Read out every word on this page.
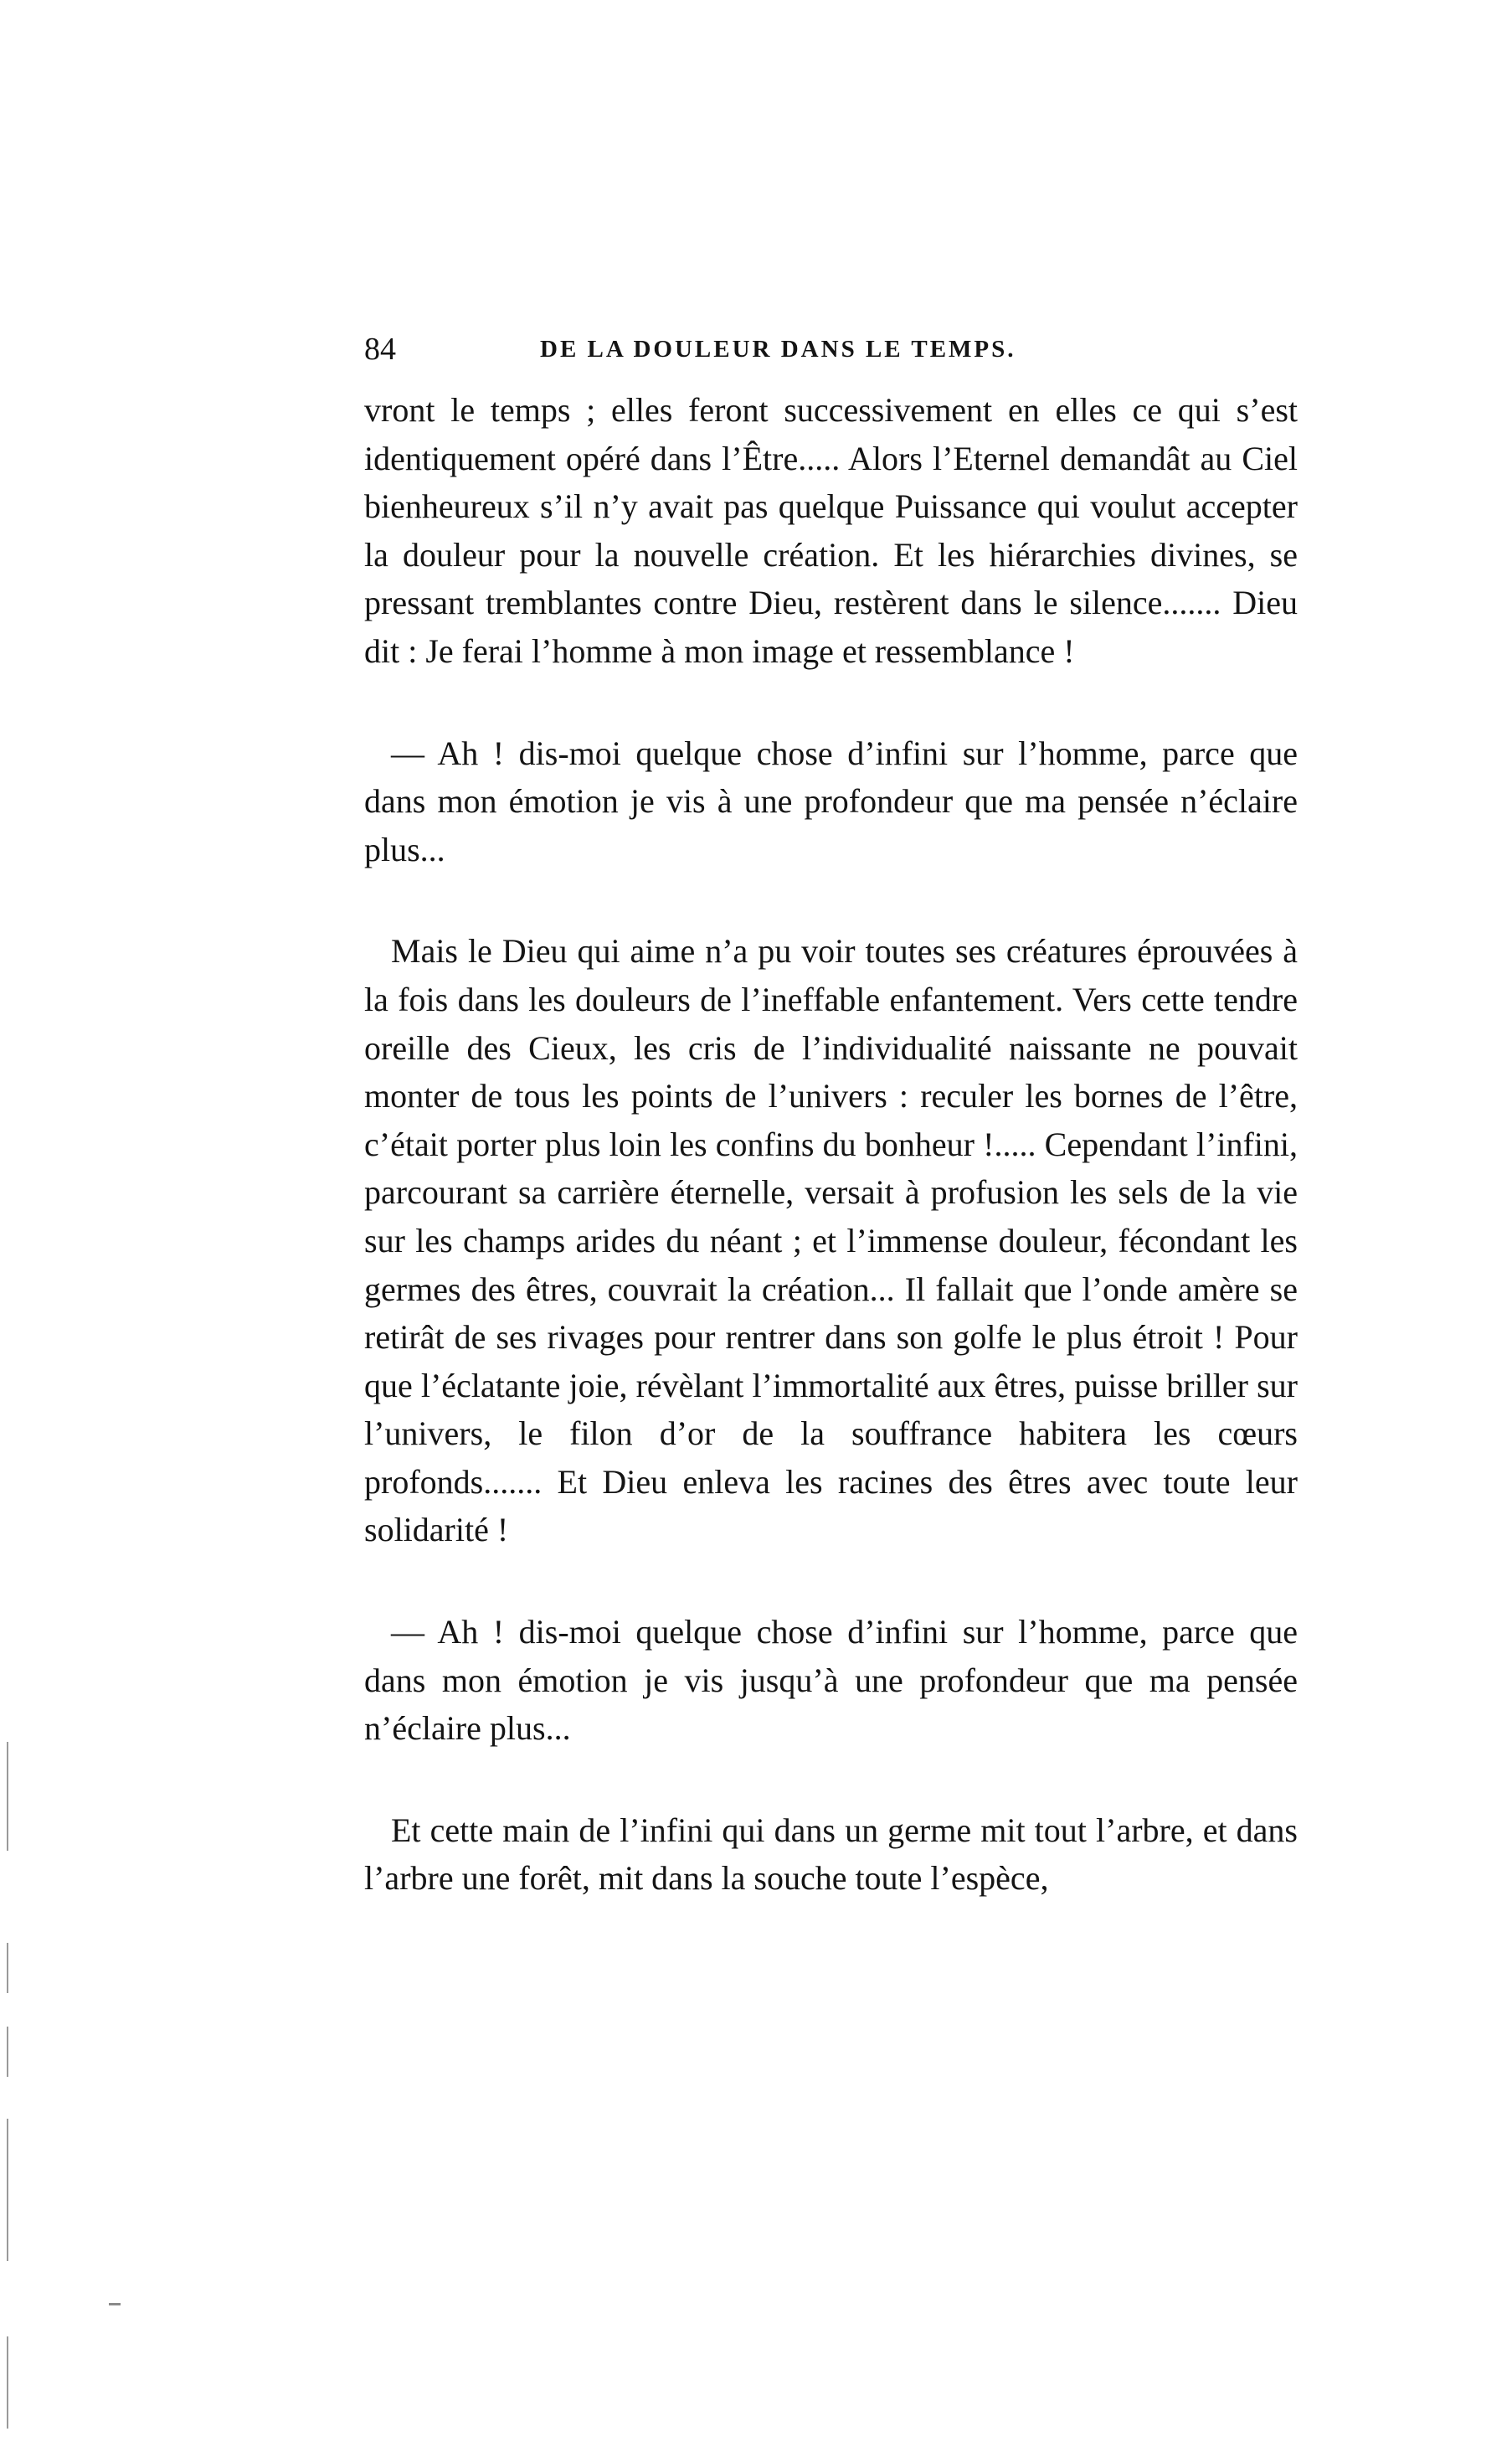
84	DE LA DOULEUR DANS LE TEMPS.

vront le temps ; elles feront successivement en elles ce qui s’est identiquement opéré dans l’Être..... Alors l’Eternel demandât au Ciel bienheureux s’il n’y avait pas quelque Puissance qui voulut accepter la douleur pour la nouvelle création. Et les hiérarchies divines, se pressant tremblantes contre Dieu, restèrent dans le silence....... Dieu dit : Je ferai l’homme à mon image et ressemblance !

— Ah ! dis-moi quelque chose d’infini sur l’homme, parce que dans mon émotion je vis à une profondeur que ma pensée n’éclaire plus...

Mais le Dieu qui aime n’a pu voir toutes ses créatures éprouvées à la fois dans les douleurs de l’ineffable enfantement. Vers cette tendre oreille des Cieux, les cris de l’individualité naissante ne pouvait monter de tous les points de l’univers : reculer les bornes de l’être, c’était porter plus loin les confins du bonheur !..... Cependant l’infini, parcourant sa carrière éternelle, versait à profusion les sels de la vie sur les champs arides du néant ; et l’immense douleur, fécondant les germes des êtres, couvrait la création... Il fallait que l’onde amère se retirât de ses rivages pour rentrer dans son golfe le plus étroit ! Pour que l’éclatante joie, révèlant l’immortalité aux êtres, puisse briller sur l’univers, le filon d’or de la souffrance habitera les cœurs profonds....... Et Dieu enleva les racines des êtres avec toute leur solidarité !

— Ah ! dis-moi quelque chose d’infini sur l’homme, parce que dans mon émotion je vis jusqu’à une profondeur que ma pensée n’éclaire plus...

Et cette main de l’infini qui dans un germe mit tout l’arbre, et dans l’arbre une forêt, mit dans la souche toute l’espèce,
